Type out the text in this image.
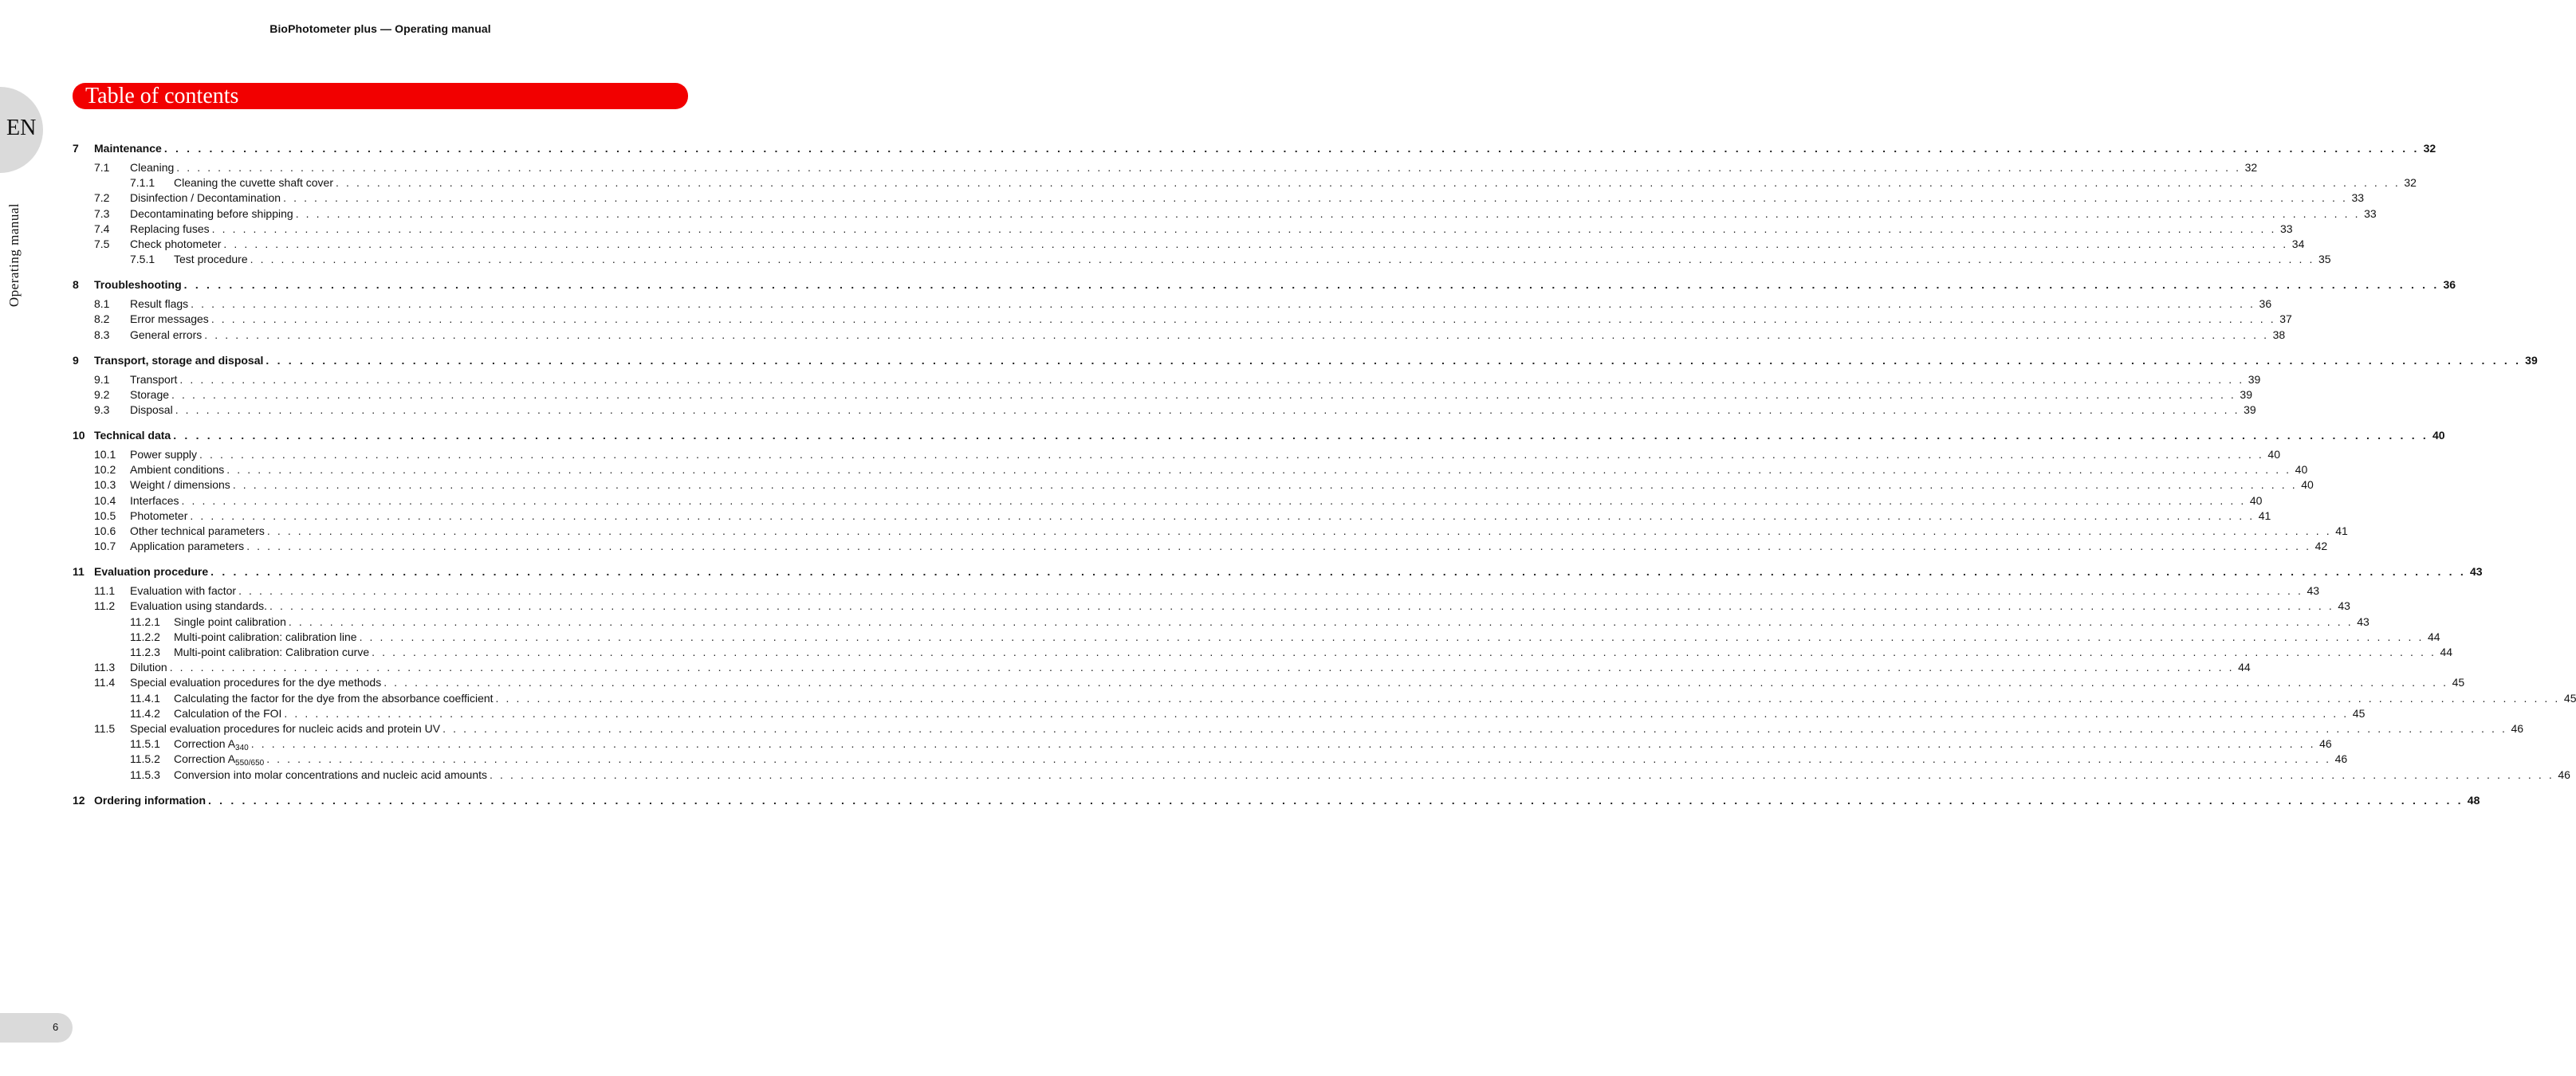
BioPhotometer plus — Operating manual
EN
Operating manual
Table of contents
7 Maintenance . . . . . . . . . . . . . . . . . . . . . . . . . . . . . . . . . . . . . . . . . . . . . . . . . . . . . . . . . . . . . . . . . . . . . . . . . . . . . . . . . . . . . . . . . . . . . . . . . . . . . . . . . . . . . . . . . . . . . . . . . . . . . . . . . . . . . . . . . . . . . . . . . . . . . . . . . . . . . . . . . . . . . . . . . . . . . . . . . . . . . . . . . . . . . . . . . . . . . . . . 32
7.1 Cleaning . . . . . . . . . . . . . . . . . . . . . . . . . . . . . . . . . . . . . . . . . . . . . . . . . . . . . . . . . . . . . . . . . . . . . . . . . . . . . . . . . . . . . . . . . . . . . . . . . . . . . . . . . . . . . . . . . . . . . . . . . . . . . . . . . . . . . . . . . . . . . . . . . . . . . . . . . . . . . . . . . . . . . . . . . . . . . . . . . . . . . . . . . . . . . . . . . . . . . . . . 32
7.1.1 Cleaning the cuvette shaft cover . . . . . . . . . . . . . . . . . . . . . . . . . . . . . . . . . . . . . . . . . . . . . . . . . . . . . . . . . . . . . . . . . . . . . . . . . . . . . . . . . . . . . . . . . . . . . . . . . . . . . . . . . . . . . . . . . . . . . . . . . . . . . . . . . . . . . . . . . . . . . . . . . . . . . . . . . . . . . . . . . . . . . . . . . . . . . . . . . . . . . . . . . . . . . . . . . . . . . . . . 32
7.2 Disinfection / Decontamination . . . . . . . . . . . . . . . . . . . . . . . . . . . . . . . . . . . . . . . . . . . . . . . . . . . . . . . . . . . . . . . . . . . . . . . . . . . . . . . . . . . . . . . . . . . . . . . . . . . . . . . . . . . . . . . . . . . . . . . . . . . . . . . . . . . . . . . . . . . . . . . . . . . . . . . . . . . . . . . . . . . . . . . . . . . . . . . . . . . . . . . . . . . . . . . . . . . . . . . . 33
7.3 Decontaminating before shipping . . . . . . . . . . . . . . . . . . . . . . . . . . . . . . . . . . . . . . . . . . . . . . . . . . . . . . . . . . . . . . . . . . . . . . . . . . . . . . . . . . . . . . . . . . . . . . . . . . . . . . . . . . . . . . . . . . . . . . . . . . . . . . . . . . . . . . . . . . . . . . . . . . . . . . . . . . . . . . . . . . . . . . . . . . . . . . . . . . . . . . . . . . . . . . . . . . . . . . . . 33
7.4 Replacing fuses . . . . . . . . . . . . . . . . . . . . . . . . . . . . . . . . . . . . . . . . . . . . . . . . . . . . . . . . . . . . . . . . . . . . . . . . . . . . . . . . . . . . . . . . . . . . . . . . . . . . . . . . . . . . . . . . . . . . . . . . . . . . . . . . . . . . . . . . . . . . . . . . . . . . . . . . . . . . . . . . . . . . . . . . . . . . . . . . . . . . . . . . . . . . . . . . . . . . . . . . 33
7.5 Check photometer . . . . . . . . . . . . . . . . . . . . . . . . . . . . . . . . . . . . . . . . . . . . . . . . . . . . . . . . . . . . . . . . . . . . . . . . . . . . . . . . . . . . . . . . . . . . . . . . . . . . . . . . . . . . . . . . . . . . . . . . . . . . . . . . . . . . . . . . . . . . . . . . . . . . . . . . . . . . . . . . . . . . . . . . . . . . . . . . . . . . . . . . . . . . . . . . . . . . . . . . 34
7.5.1 Test procedure . . . . . . . . . . . . . . . . . . . . . . . . . . . . . . . . . . . . . . . . . . . . . . . . . . . . . . . . . . . . . . . . . . . . . . . . . . . . . . . . . . . . . . . . . . . . . . . . . . . . . . . . . . . . . . . . . . . . . . . . . . . . . . . . . . . . . . . . . . . . . . . . . . . . . . . . . . . . . . . . . . . . . . . . . . . . . . . . . . . . . . . . . . . . . . . . . . . . . . . . 35
8 Troubleshooting . . . . . . . . . . . . . . . . . . . . . . . . . . . . . . . . . . . . . . . . . . . . . . . . . . . . . . . . . . . . . . . . . . . . . . . . . . . . . . . . . . . . . . . . . . . . . . . . . . . . . . . . . . . . . . . . . . . . . . . . . . . . . . . . . . . . . . . . . . . . . . . . . . . . . . . . . . . . . . . . . . . . . . . . . . . . . . . . . . . . . . . . . . . . . . . . . . . . . . . . 36
8.1 Result flags . . . . . . . . . . . . . . . . . . . . . . . . . . . . . . . . . . . . . . . . . . . . . . . . . . . . . . . . . . . . . . . . . . . . . . . . . . . . . . . . . . . . . . . . . . . . . . . . . . . . . . . . . . . . . . . . . . . . . . . . . . . . . . . . . . . . . . . . . . . . . . . . . . . . . . . . . . . . . . . . . . . . . . . . . . . . . . . . . . . . . . . . . . . . . . . . . . . . . . . . 36
8.2 Error messages . . . . . . . . . . . . . . . . . . . . . . . . . . . . . . . . . . . . . . . . . . . . . . . . . . . . . . . . . . . . . . . . . . . . . . . . . . . . . . . . . . . . . . . . . . . . . . . . . . . . . . . . . . . . . . . . . . . . . . . . . . . . . . . . . . . . . . . . . . . . . . . . . . . . . . . . . . . . . . . . . . . . . . . . . . . . . . . . . . . . . . . . . . . . . . . . . . . . . . . . 37
8.3 General errors . . . . . . . . . . . . . . . . . . . . . . . . . . . . . . . . . . . . . . . . . . . . . . . . . . . . . . . . . . . . . . . . . . . . . . . . . . . . . . . . . . . . . . . . . . . . . . . . . . . . . . . . . . . . . . . . . . . . . . . . . . . . . . . . . . . . . . . . . . . . . . . . . . . . . . . . . . . . . . . . . . . . . . . . . . . . . . . . . . . . . . . . . . . . . . . . . . . . . . . . 38
9 Transport, storage and disposal . . . . . . . . . . . . . . . . . . . . . . . . . . . . . . . . . . . . . . . . . . . . . . . . . . . . . . . . . . . . . . . . . . . . . . . . . . . . . . . . . . . . . . . . . . . . . . . . . . . . . . . . . . . . . . . . . . . . . . . . . . . . . . . . . . . . . . . . . . . . . . . . . . . . . . . . . . . . . . . . . . . . . . . . . . . . . . . . . . . . . . . . . . . . . . . . . . . . . . . . 39
9.1 Transport . . . . . . . . . . . . . . . . . . . . . . . . . . . . . . . . . . . . . . . . . . . . . . . . . . . . . . . . . . . . . . . . . . . . . . . . . . . . . . . . . . . . . . . . . . . . . . . . . . . . . . . . . . . . . . . . . . . . . . . . . . . . . . . . . . . . . . . . . . . . . . . . . . . . . . . . . . . . . . . . . . . . . . . . . . . . . . . . . . . . . . . . . . . . . . . . . . . . . . . . 39
9.2 Storage . . . . . . . . . . . . . . . . . . . . . . . . . . . . . . . . . . . . . . . . . . . . . . . . . . . . . . . . . . . . . . . . . . . . . . . . . . . . . . . . . . . . . . . . . . . . . . . . . . . . . . . . . . . . . . . . . . . . . . . . . . . . . . . . . . . . . . . . . . . . . . . . . . . . . . . . . . . . . . . . . . . . . . . . . . . . . . . . . . . . . . . . . . . . . . . . . . . . . . . . 39
9.3 Disposal . . . . . . . . . . . . . . . . . . . . . . . . . . . . . . . . . . . . . . . . . . . . . . . . . . . . . . . . . . . . . . . . . . . . . . . . . . . . . . . . . . . . . . . . . . . . . . . . . . . . . . . . . . . . . . . . . . . . . . . . . . . . . . . . . . . . . . . . . . . . . . . . . . . . . . . . . . . . . . . . . . . . . . . . . . . . . . . . . . . . . . . . . . . . . . . . . . . . . . . . 39
10 Technical data . . . . . . . . . . . . . . . . . . . . . . . . . . . . . . . . . . . . . . . . . . . . . . . . . . . . . . . . . . . . . . . . . . . . . . . . . . . . . . . . . . . . . . . . . . . . . . . . . . . . . . . . . . . . . . . . . . . . . . . . . . . . . . . . . . . . . . . . . . . . . . . . . . . . . . . . . . . . . . . . . . . . . . . . . . . . . . . . . . . . . . . . . . . . . . . . . . . . . . . . 40
10.1 Power supply . . . . . . . . . . . . . . . . . . . . . . . . . . . . . . . . . . . . . . . . . . . . . . . . . . . . . . . . . . . . . . . . . . . . . . . . . . . . . . . . . . . . . . . . . . . . . . . . . . . . . . . . . . . . . . . . . . . . . . . . . . . . . . . . . . . . . . . . . . . . . . . . . . . . . . . . . . . . . . . . . . . . . . . . . . . . . . . . . . . . . . . . . . . . . . . . . . . . . . . . 40
10.2 Ambient conditions . . . . . . . . . . . . . . . . . . . . . . . . . . . . . . . . . . . . . . . . . . . . . . . . . . . . . . . . . . . . . . . . . . . . . . . . . . . . . . . . . . . . . . . . . . . . . . . . . . . . . . . . . . . . . . . . . . . . . . . . . . . . . . . . . . . . . . . . . . . . . . . . . . . . . . . . . . . . . . . . . . . . . . . . . . . . . . . . . . . . . . . . . . . . . . . . . . . . . . . . 40
10.3 Weight / dimensions . . . . . . . . . . . . . . . . . . . . . . . . . . . . . . . . . . . . . . . . . . . . . . . . . . . . . . . . . . . . . . . . . . . . . . . . . . . . . . . . . . . . . . . . . . . . . . . . . . . . . . . . . . . . . . . . . . . . . . . . . . . . . . . . . . . . . . . . . . . . . . . . . . . . . . . . . . . . . . . . . . . . . . . . . . . . . . . . . . . . . . . . . . . . . . . . . . . . . . . . 40
10.4 Interfaces . . . . . . . . . . . . . . . . . . . . . . . . . . . . . . . . . . . . . . . . . . . . . . . . . . . . . . . . . . . . . . . . . . . . . . . . . . . . . . . . . . . . . . . . . . . . . . . . . . . . . . . . . . . . . . . . . . . . . . . . . . . . . . . . . . . . . . . . . . . . . . . . . . . . . . . . . . . . . . . . . . . . . . . . . . . . . . . . . . . . . . . . . . . . . . . . . . . . . . . . 40
10.5 Photometer . . . . . . . . . . . . . . . . . . . . . . . . . . . . . . . . . . . . . . . . . . . . . . . . . . . . . . . . . . . . . . . . . . . . . . . . . . . . . . . . . . . . . . . . . . . . . . . . . . . . . . . . . . . . . . . . . . . . . . . . . . . . . . . . . . . . . . . . . . . . . . . . . . . . . . . . . . . . . . . . . . . . . . . . . . . . . . . . . . . . . . . . . . . . . . . . . . . . . . . . 41
10.6 Other technical parameters . . . . . . . . . . . . . . . . . . . . . . . . . . . . . . . . . . . . . . . . . . . . . . . . . . . . . . . . . . . . . . . . . . . . . . . . . . . . . . . . . . . . . . . . . . . . . . . . . . . . . . . . . . . . . . . . . . . . . . . . . . . . . . . . . . . . . . . . . . . . . . . . . . . . . . . . . . . . . . . . . . . . . . . . . . . . . . . . . . . . . . . . . . . . . . . . . . . . . . . . 41
10.7 Application parameters . . . . . . . . . . . . . . . . . . . . . . . . . . . . . . . . . . . . . . . . . . . . . . . . . . . . . . . . . . . . . . . . . . . . . . . . . . . . . . . . . . . . . . . . . . . . . . . . . . . . . . . . . . . . . . . . . . . . . . . . . . . . . . . . . . . . . . . . . . . . . . . . . . . . . . . . . . . . . . . . . . . . . . . . . . . . . . . . . . . . . . . . . . . . . . . . . . . . . . . . 42
11 Evaluation procedure . . . . . . . . . . . . . . . . . . . . . . . . . . . . . . . . . . . . . . . . . . . . . . . . . . . . . . . . . . . . . . . . . . . . . . . . . . . . . . . . . . . . . . . . . . . . . . . . . . . . . . . . . . . . . . . . . . . . . . . . . . . . . . . . . . . . . . . . . . . . . . . . . . . . . . . . . . . . . . . . . . . . . . . . . . . . . . . . . . . . . . . . . . . . . . . . . . . . . . . . 43
11.1 Evaluation with factor . . . . . . . . . . . . . . . . . . . . . . . . . . . . . . . . . . . . . . . . . . . . . . . . . . . . . . . . . . . . . . . . . . . . . . . . . . . . . . . . . . . . . . . . . . . . . . . . . . . . . . . . . . . . . . . . . . . . . . . . . . . . . . . . . . . . . . . . . . . . . . . . . . . . . . . . . . . . . . . . . . . . . . . . . . . . . . . . . . . . . . . . . . . . . . . . . . . . . . . . 43
11.2 Evaluation using standards. . . . . . . . . . . . . . . . . . . . . . . . . . . . . . . . . . . . . . . . . . . . . . . . . . . . . . . . . . . . . . . . . . . . . . . . . . . . . . . . . . . . . . . . . . . . . . . . . . . . . . . . . . . . . . . . . . . . . . . . . . . . . . . . . . . . . . . . . . . . . . . . . . . . . . . . . . . . . . . . . . . . . . . . . . . . . . . . . . . . . . . . . . . . . . . . . . . . . . . . . 43
11.2.1 Single point calibration . . . . . . . . . . . . . . . . . . . . . . . . . . . . . . . . . . . . . . . . . . . . . . . . . . . . . . . . . . . . . . . . . . . . . . . . . . . . . . . . . . . . . . . . . . . . . . . . . . . . . . . . . . . . . . . . . . . . . . . . . . . . . . . . . . . . . . . . . . . . . . . . . . . . . . . . . . . . . . . . . . . . . . . . . . . . . . . . . . . . . . . . . . . . . . . . . . . . . . . . 43
11.2.2 Multi-point calibration: calibration line . . . . . . . . . . . . . . . . . . . . . . . . . . . . . . . . . . . . . . . . . . . . . . . . . . . . . . . . . . . . . . . . . . . . . . . . . . . . . . . . . . . . . . . . . . . . . . . . . . . . . . . . . . . . . . . . . . . . . . . . . . . . . . . . . . . . . . . . . . . . . . . . . . . . . . . . . . . . . . . . . . . . . . . . . . . . . . . . . . . . . . . . . . . . . . . . . . . . . . . . 44
11.2.3 Multi-point calibration: Calibration curve . . . . . . . . . . . . . . . . . . . . . . . . . . . . . . . . . . . . . . . . . . . . . . . . . . . . . . . . . . . . . . . . . . . . . . . . . . . . . . . . . . . . . . . . . . . . . . . . . . . . . . . . . . . . . . . . . . . . . . . . . . . . . . . . . . . . . . . . . . . . . . . . . . . . . . . . . . . . . . . . . . . . . . . . . . . . . . . . . . . . . . . . . . . . . . . . . . . . . . . . 44
11.3 Dilution . . . . . . . . . . . . . . . . . . . . . . . . . . . . . . . . . . . . . . . . . . . . . . . . . . . . . . . . . . . . . . . . . . . . . . . . . . . . . . . . . . . . . . . . . . . . . . . . . . . . . . . . . . . . . . . . . . . . . . . . . . . . . . . . . . . . . . . . . . . . . . . . . . . . . . . . . . . . . . . . . . . . . . . . . . . . . . . . . . . . . . . . . . . . . . . . . . . . . . . . 44
11.4 Special evaluation procedures for the dye methods . . . . . . . . . . . . . . . . . . . . . . . . . . . . . . . . . . . . . . . . . . . . . . . . . . . . . . . . . . . . . . . . . . . . . . . . . . . . . . . . . . . . . . . . . . . . . . . . . . . . . . . . . . . . . . . . . . . . . . . . . . . . . . . . . . . . . . . . . . . . . . . . . . . . . . . . . . . . . . . . . . . . . . . . . . . . . . . . . . . . . . . . . . . . . . . . . . . . . . . . 45
11.4.1 Calculating the factor for the dye from the absorbance coefficient . . . . . . . . . . . . . . . . . . . . . . . . . . . . . . . . . . . . . . . . . . . . . . . . . . . . . . . . . . . . . . . . . . . . . . . . . . . . . . . . . . . . . . . . . . . . . . . . . . . . . . . . . . . . . . . . . . . . . . . . . . . . . . . . . . . . . . . . . . . . . . . . . . . . . . . . . . . . . . . . . . . . . . . . . . . . . . . . . . . . . . . . . . . . . . . . . . . . . . . . 45
11.4.2 Calculation of the FOI . . . . . . . . . . . . . . . . . . . . . . . . . . . . . . . . . . . . . . . . . . . . . . . . . . . . . . . . . . . . . . . . . . . . . . . . . . . . . . . . . . . . . . . . . . . . . . . . . . . . . . . . . . . . . . . . . . . . . . . . . . . . . . . . . . . . . . . . . . . . . . . . . . . . . . . . . . . . . . . . . . . . . . . . . . . . . . . . . . . . . . . . . . . . . . . . . . . . . . . . 45
11.5 Special evaluation procedures for nucleic acids and protein UV . . . . . . . . . . . . . . . . . . . . . . . . . . . . . . . . . . . . . . . . . . . . . . . . . . . . . . . . . . . . . . . . . . . . . . . . . . . . . . . . . . . . . . . . . . . . . . . . . . . . . . . . . . . . . . . . . . . . . . . . . . . . . . . . . . . . . . . . . . . . . . . . . . . . . . . . . . . . . . . . . . . . . . . . . . . . . . . . . . . . . . . . . . . . . . . . . . . . . . . . 46
11.5.1 Correction $A_{340}$ . . . . . . . . . . . . . . . . . . . . . . . . . . . . . . . . . . . . . . . . . . . . . . . . . . . . . . . . . . . . . . . . . . . . . . . . . . . . . . . . . . . . . . . . . . . . . . . . . . . . . . . . . . . . . . . . . . . . . . . . . . . . . . . . . . . . . . . . . . . . . . . . . . . . . . . . . . . . . . . . . . . . . . . . . . . . . . . . . . . . . . . . . . . . . . . . . . . . . . . . 46
11.5.2 Correction $A_{550/650}$ . . . . . . . . . . . . . . . . . . . . . . . . . . . . . . . . . . . . . . . . . . . . . . . . . . . . . . . . . . . . . . . . . . . . . . . . . . . . . . . . . . . . . . . . . . . . . . . . . . . . . . . . . . . . . . . . . . . . . . . . . . . . . . . . . . . . . . . . . . . . . . . . . . . . . . . . . . . . . . . . . . . . . . . . . . . . . . . . . . . . . . . . . . . . . . . . . . . . . . . . 46
11.5.3 Conversion into molar concentrations and nucleic acid amounts . . . . . . . . . . . . . . . . . . . . . . . . . . . . . . . . . . . . . . . . . . . . . . . . . . . . . . . . . . . . . . . . . . . . . . . . . . . . . . . . . . . . . . . . . . . . . . . . . . . . . . . . . . . . . . . . . . . . . . . . . . . . . . . . . . . . . . . . . . . . . . . . . . . . . . . . . . . . . . . . . . . . . . . . . . . . . . . . . . . . . . . . . . . . . . . . . . . . . . . . 46
12 Ordering information . . . . . . . . . . . . . . . . . . . . . . . . . . . . . . . . . . . . . . . . . . . . . . . . . . . . . . . . . . . . . . . . . . . . . . . . . . . . . . . . . . . . . . . . . . . . . . . . . . . . . . . . . . . . . . . . . . . . . . . . . . . . . . . . . . . . . . . . . . . . . . . . . . . . . . . . . . . . . . . . . . . . . . . . . . . . . . . . . . . . . . . . . . . . . . . . . . . . . . . . 48
6
